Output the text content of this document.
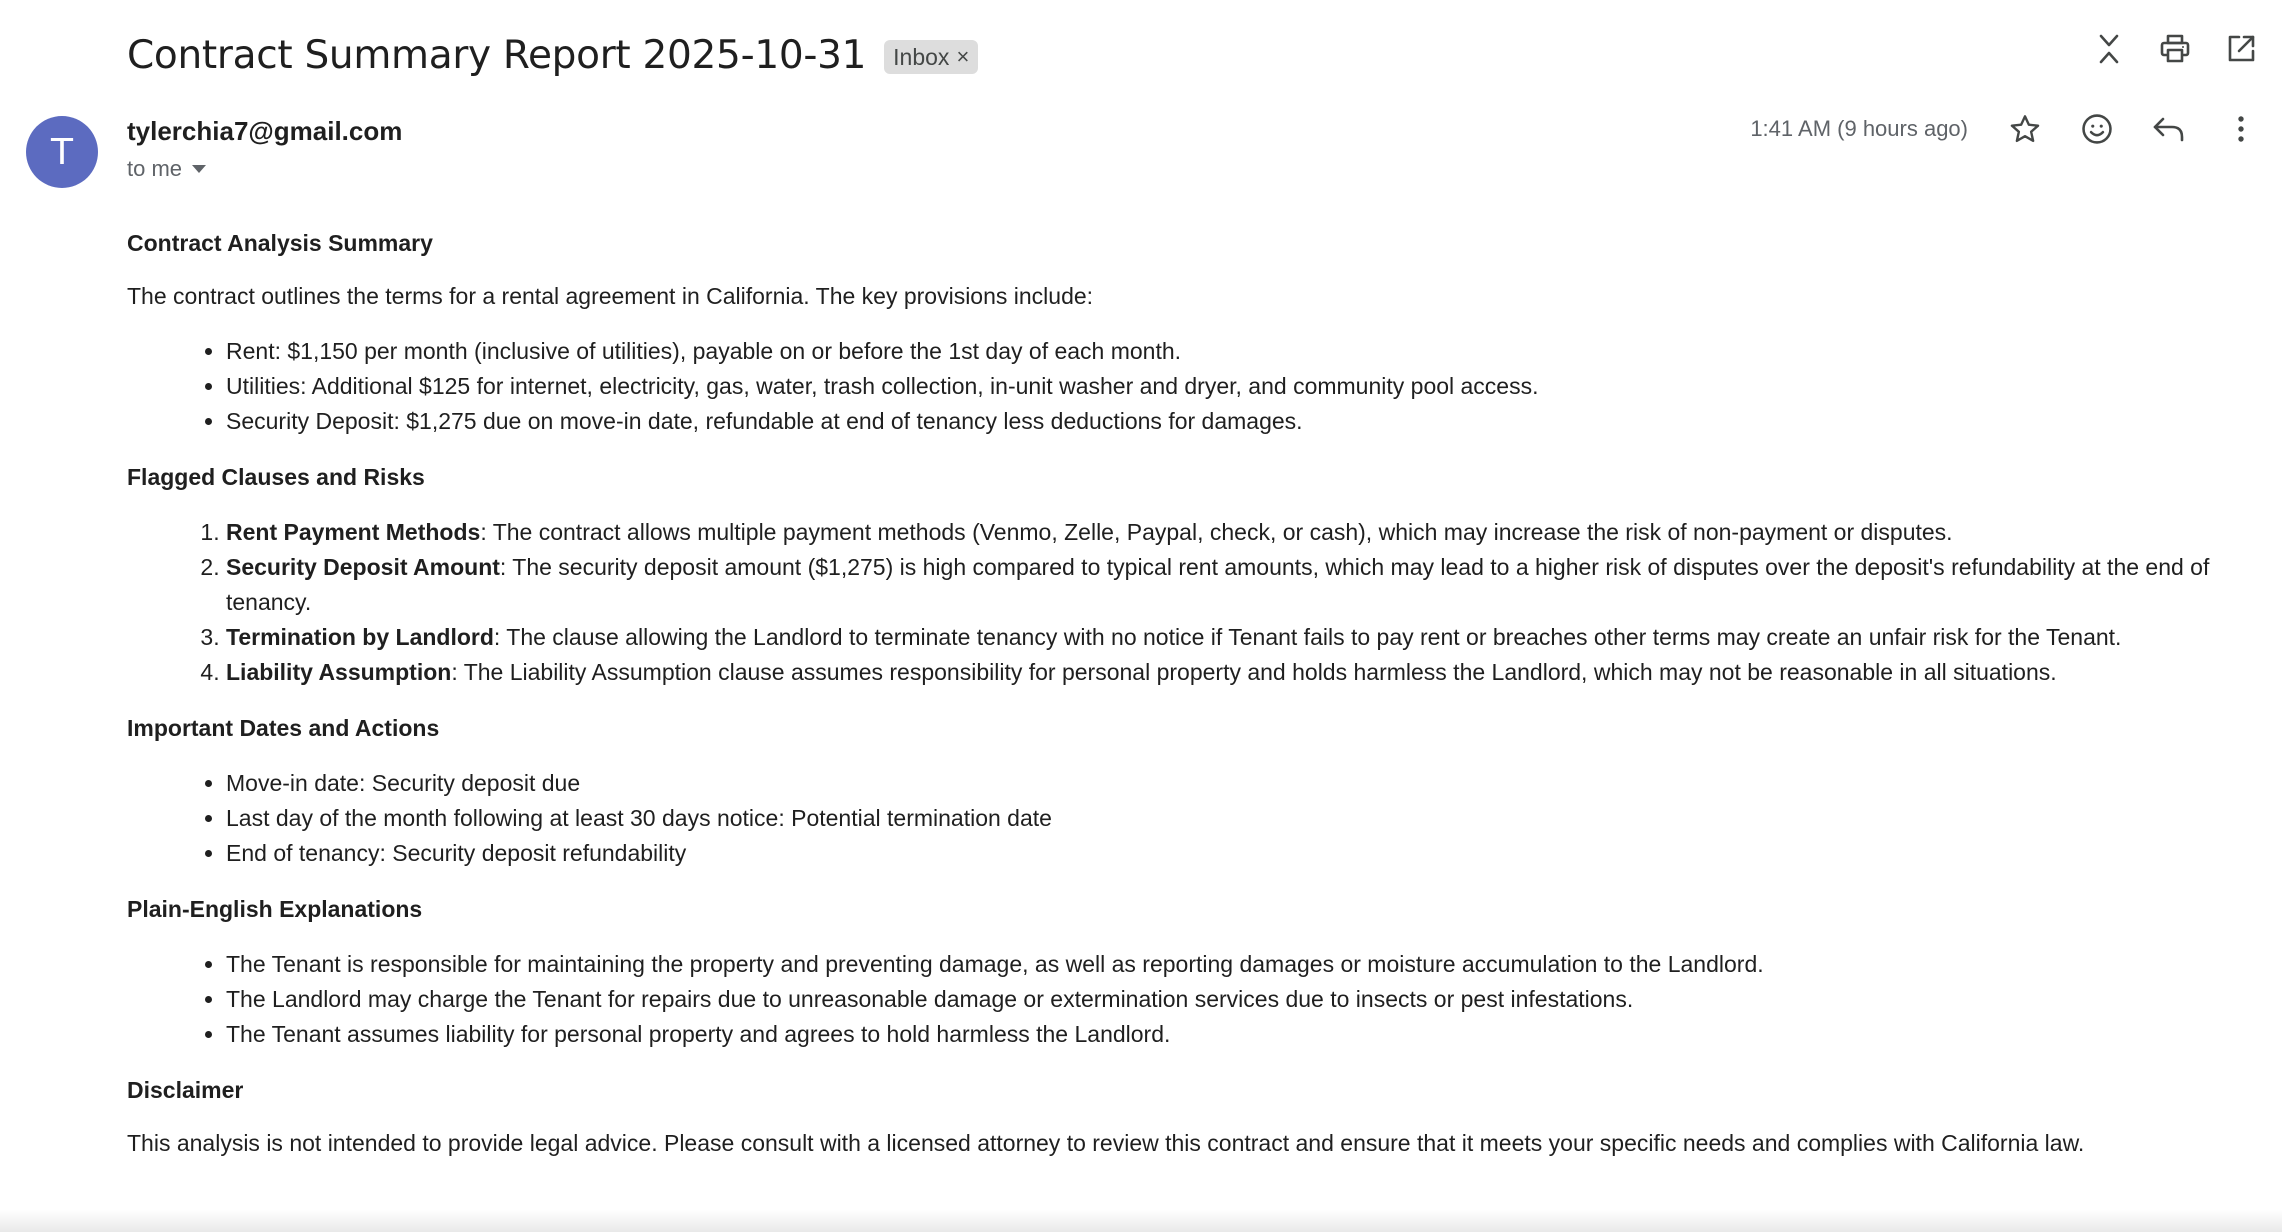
Contract Summary Report 2025-10-31 Inbox ×
T
tylerchia7@gmail.com
to me
1:41 AM (9 hours ago)
Contract Analysis Summary

The contract outlines the terms for a rental agreement in California. The key provisions include:

• Rent: $1,150 per month (inclusive of utilities), payable on or before the 1st day of each month.
• Utilities: Additional $125 for internet, electricity, gas, water, trash collection, in-unit washer and dryer, and community pool access.
• Security Deposit: $1,275 due on move-in date, refundable at end of tenancy less deductions for damages.
Flagged Clauses and Risks
1. Rent Payment Methods: The contract allows multiple payment methods (Venmo, Zelle, Paypal, check, or cash), which may increase the risk of non-payment or disputes.
2. Security Deposit Amount: The security deposit amount ($1,275) is high compared to typical rent amounts, which may lead to a higher risk of disputes over the deposit's refundability at the end of tenancy.
3. Termination by Landlord: The clause allowing the Landlord to terminate tenancy with no notice if Tenant fails to pay rent or breaches other terms may create an unfair risk for the Tenant.
4. Liability Assumption: The Liability Assumption clause assumes responsibility for personal property and holds harmless the Landlord, which may not be reasonable in all situations.
Important Dates and Actions
• Move-in date: Security deposit due
• Last day of the month following at least 30 days notice: Potential termination date
• End of tenancy: Security deposit refundability
Plain-English Explanations
• The Tenant is responsible for maintaining the property and preventing damage, as well as reporting damages or moisture accumulation to the Landlord.
• The Landlord may charge the Tenant for repairs due to unreasonable damage or extermination services due to insects or pest infestations.
• The Tenant assumes liability for personal property and agrees to hold harmless the Landlord.
Disclaimer

This analysis is not intended to provide legal advice. Please consult with a licensed attorney to review this contract and ensure that it meets your specific needs and complies with California law.
